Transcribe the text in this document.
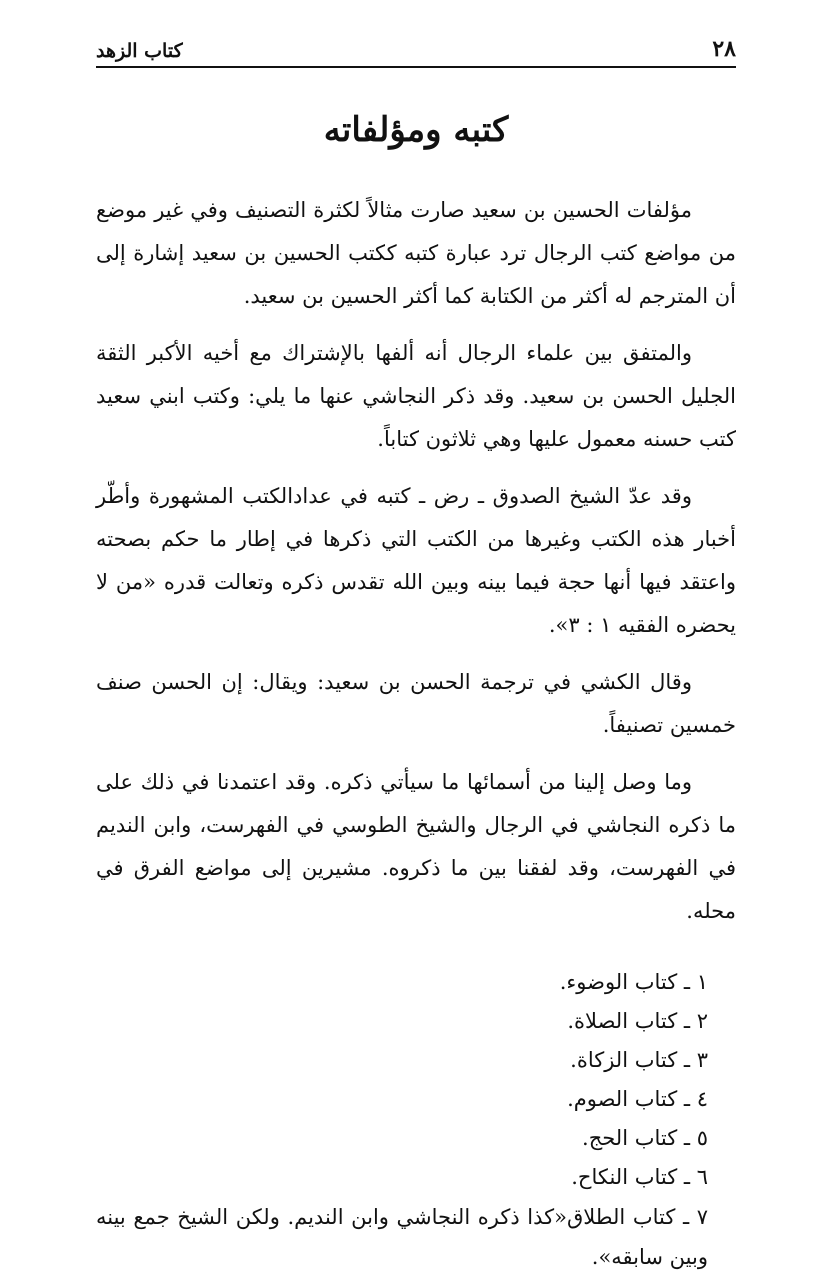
٢٨
كتاب الزهد
كتبه ومؤلفاته

مؤلفات الحسين بن سعيد صارت مثالاً لكثرة التصنيف وفي غير موضع من مواضع كتب الرجال ترد عبارة كتبه ككتب الحسين بن سعيد إشارة إلى أن المترجم له أكثر من الكتابة كما أكثر الحسين بن سعيد.

والمتفق بين علماء الرجال أنه ألفها بالإشتراك مع أخيه الأكبر الثقة الجليل الحسن بن سعيد. وقد ذكر النجاشي عنها ما يلي: وكتب ابني سعيد كتب حسنه معمول عليها وهي ثلاثون كتاباً.

وقد عدّ الشيخ الصدوق ـ رض ـ كتبه في عدادالكتب المشهورة وأطّر أخبار هذه الكتب وغيرها من الكتب التي ذكرها في إطار ما حكم بصحته واعتقد فيها أنها حجة فيما بينه وبين الله تقدس ذكره وتعالت قدره «من لا يحضره الفقيه ١ : ٣».

وقال الكشي في ترجمة الحسن بن سعيد: ويقال: إن الحسن صنف خمسين تصنيفاً.

وما وصل إلينا من أسمائها ما سيأتي ذكره. وقد اعتمدنا في ذلك على ما ذكره النجاشي في الرجال والشيخ الطوسي في الفهرست، وابن النديم في الفهرست، وقد لفقنا بين ما ذكروه. مشيرين إلى مواضع الفرق في محله.

١ ـ كتاب الوضوء.
٢ ـ كتاب الصلاة.
٣ ـ كتاب الزكاة.
٤ ـ كتاب الصوم.
٥ ـ كتاب الحج.
٦ ـ كتاب النكاح.

٧ ـ كتاب الطلاق«كذا ذكره النجاشي وابن النديم. ولكن الشيخ جمع بينه وبين سابقه».
